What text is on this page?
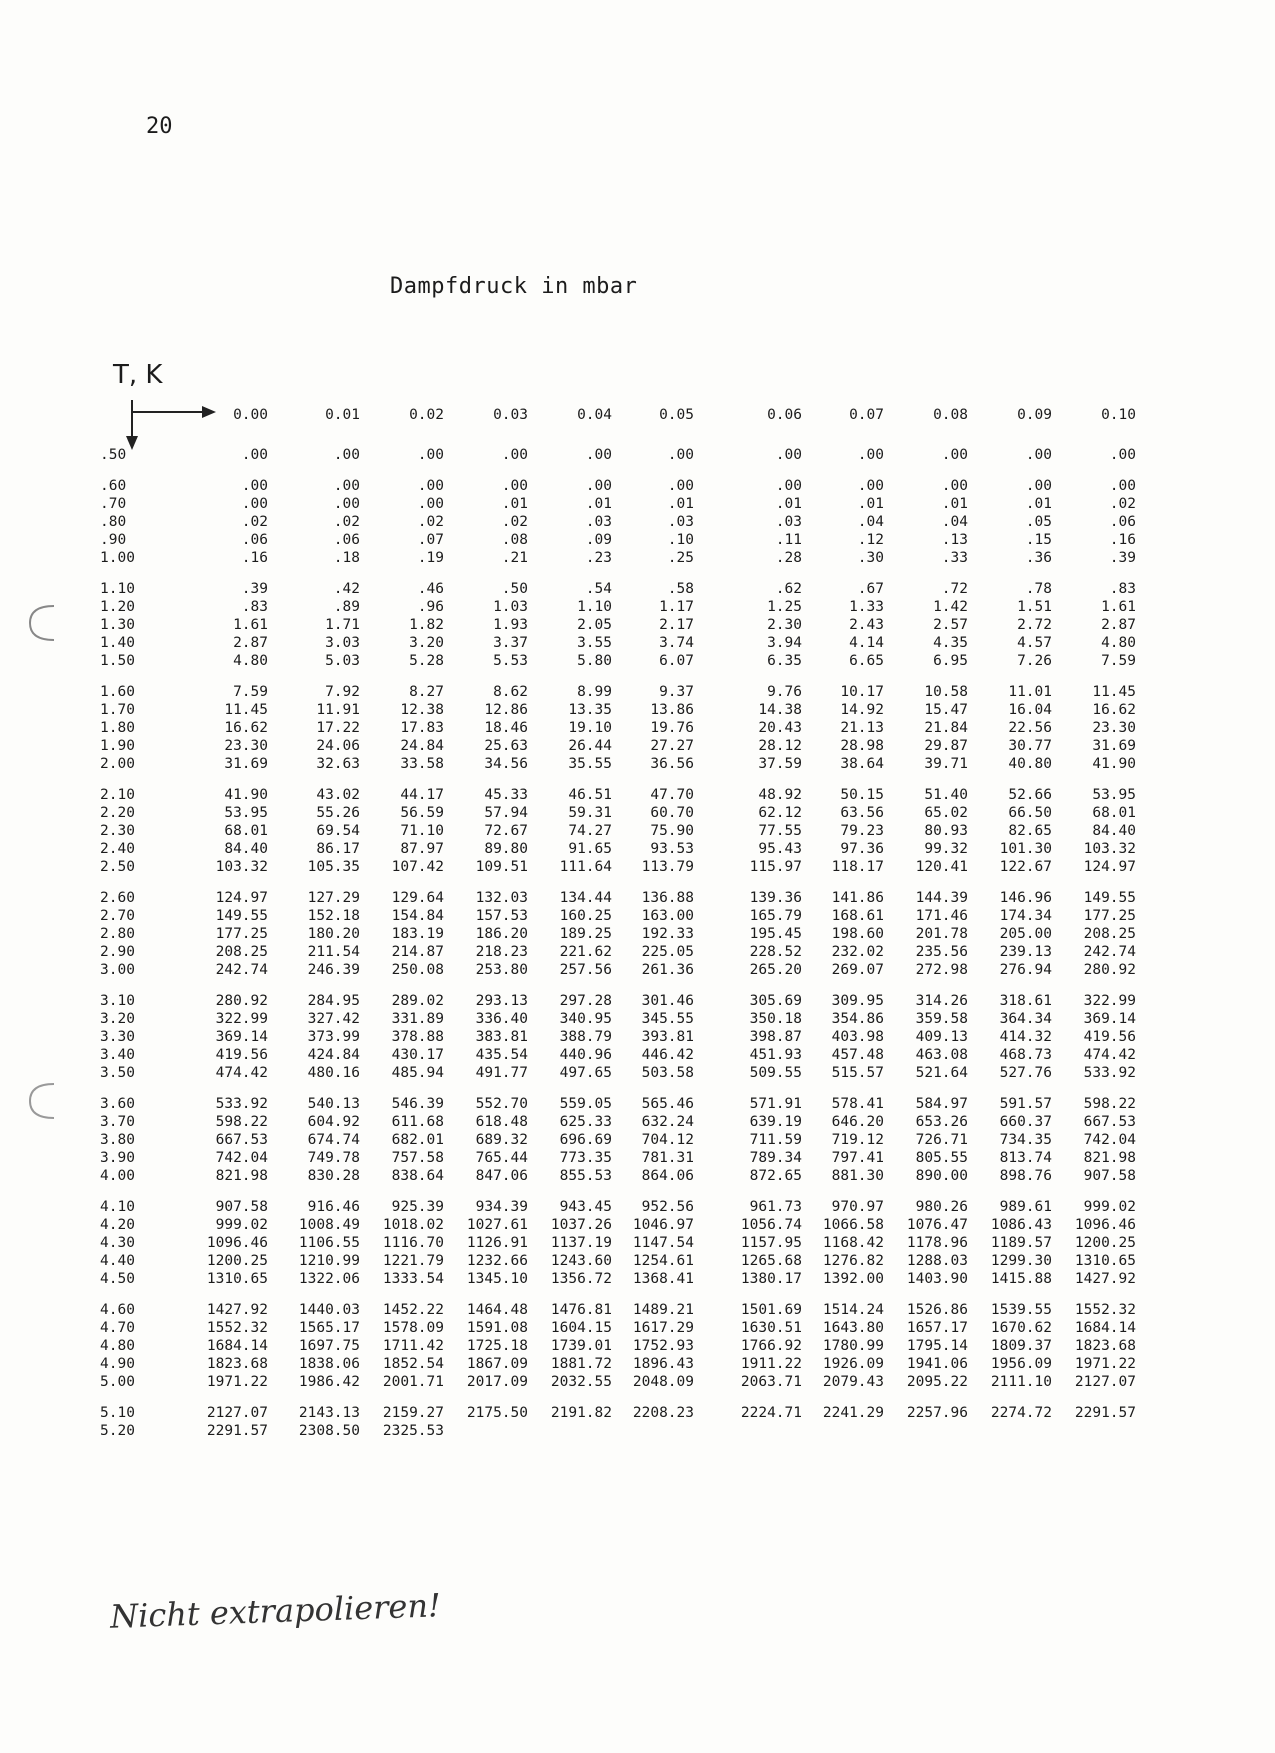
20
Dampfdruck in mbar
T, K
	0.00	0.01	0.02	0.03	0.04	0.05	0.06	0.07	0.08	0.09	0.10
.50	.00	.00	.00	.00	.00	.00	.00	.00	.00	.00	.00
.60	.00	.00	.00	.00	.00	.00	.00	.00	.00	.00	.00
.70	.00	.00	.00	.01	.01	.01	.01	.01	.01	.01	.02
.80	.02	.02	.02	.02	.03	.03	.03	.04	.04	.05	.06
.90	.06	.06	.07	.08	.09	.10	.11	.12	.13	.15	.16
1.00	.16	.18	.19	.21	.23	.25	.28	.30	.33	.36	.39
1.10	.39	.42	.46	.50	.54	.58	.62	.67	.72	.78	.83
1.20	.83	.89	.96	1.03	1.10	1.17	1.25	1.33	1.42	1.51	1.61
1.30	1.61	1.71	1.82	1.93	2.05	2.17	2.30	2.43	2.57	2.72	2.87
1.40	2.87	3.03	3.20	3.37	3.55	3.74	3.94	4.14	4.35	4.57	4.80
1.50	4.80	5.03	5.28	5.53	5.80	6.07	6.35	6.65	6.95	7.26	7.59
1.60	7.59	7.92	8.27	8.62	8.99	9.37	9.76	10.17	10.58	11.01	11.45
1.70	11.45	11.91	12.38	12.86	13.35	13.86	14.38	14.92	15.47	16.04	16.62
1.80	16.62	17.22	17.83	18.46	19.10	19.76	20.43	21.13	21.84	22.56	23.30
1.90	23.30	24.06	24.84	25.63	26.44	27.27	28.12	28.98	29.87	30.77	31.69
2.00	31.69	32.63	33.58	34.56	35.55	36.56	37.59	38.64	39.71	40.80	41.90
2.10	41.90	43.02	44.17	45.33	46.51	47.70	48.92	50.15	51.40	52.66	53.95
2.20	53.95	55.26	56.59	57.94	59.31	60.70	62.12	63.56	65.02	66.50	68.01
2.30	68.01	69.54	71.10	72.67	74.27	75.90	77.55	79.23	80.93	82.65	84.40
2.40	84.40	86.17	87.97	89.80	91.65	93.53	95.43	97.36	99.32	101.30	103.32
2.50	103.32	105.35	107.42	109.51	111.64	113.79	115.97	118.17	120.41	122.67	124.97
2.60	124.97	127.29	129.64	132.03	134.44	136.88	139.36	141.86	144.39	146.96	149.55
2.70	149.55	152.18	154.84	157.53	160.25	163.00	165.79	168.61	171.46	174.34	177.25
2.80	177.25	180.20	183.19	186.20	189.25	192.33	195.45	198.60	201.78	205.00	208.25
2.90	208.25	211.54	214.87	218.23	221.62	225.05	228.52	232.02	235.56	239.13	242.74
3.00	242.74	246.39	250.08	253.80	257.56	261.36	265.20	269.07	272.98	276.94	280.92
3.10	280.92	284.95	289.02	293.13	297.28	301.46	305.69	309.95	314.26	318.61	322.99
3.20	322.99	327.42	331.89	336.40	340.95	345.55	350.18	354.86	359.58	364.34	369.14
3.30	369.14	373.99	378.88	383.81	388.79	393.81	398.87	403.98	409.13	414.32	419.56
3.40	419.56	424.84	430.17	435.54	440.96	446.42	451.93	457.48	463.08	468.73	474.42
3.50	474.42	480.16	485.94	491.77	497.65	503.58	509.55	515.57	521.64	527.76	533.92
3.60	533.92	540.13	546.39	552.70	559.05	565.46	571.91	578.41	584.97	591.57	598.22
3.70	598.22	604.92	611.68	618.48	625.33	632.24	639.19	646.20	653.26	660.37	667.53
3.80	667.53	674.74	682.01	689.32	696.69	704.12	711.59	719.12	726.71	734.35	742.04
3.90	742.04	749.78	757.58	765.44	773.35	781.31	789.34	797.41	805.55	813.74	821.98
4.00	821.98	830.28	838.64	847.06	855.53	864.06	872.65	881.30	890.00	898.76	907.58
4.10	907.58	916.46	925.39	934.39	943.45	952.56	961.73	970.97	980.26	989.61	999.02
4.20	999.02	1008.49	1018.02	1027.61	1037.26	1046.97	1056.74	1066.58	1076.47	1086.43	1096.46
4.30	1096.46	1106.55	1116.70	1126.91	1137.19	1147.54	1157.95	1168.42	1178.96	1189.57	1200.25
4.40	1200.25	1210.99	1221.79	1232.66	1243.60	1254.61	1265.68	1276.82	1288.03	1299.30	1310.65
4.50	1310.65	1322.06	1333.54	1345.10	1356.72	1368.41	1380.17	1392.00	1403.90	1415.88	1427.92
4.60	1427.92	1440.03	1452.22	1464.48	1476.81	1489.21	1501.69	1514.24	1526.86	1539.55	1552.32
4.70	1552.32	1565.17	1578.09	1591.08	1604.15	1617.29	1630.51	1643.80	1657.17	1670.62	1684.14
4.80	1684.14	1697.75	1711.42	1725.18	1739.01	1752.93	1766.92	1780.99	1795.14	1809.37	1823.68
4.90	1823.68	1838.06	1852.54	1867.09	1881.72	1896.43	1911.22	1926.09	1941.06	1956.09	1971.22
5.00	1971.22	1986.42	2001.71	2017.09	2032.55	2048.09	2063.71	2079.43	2095.22	2111.10	2127.07
5.10	2127.07	2143.13	2159.27	2175.50	2191.82	2208.23	2224.71	2241.29	2257.96	2274.72	2291.57
5.20	2291.57	2308.50	2325.53								
Nicht extrapolieren!
